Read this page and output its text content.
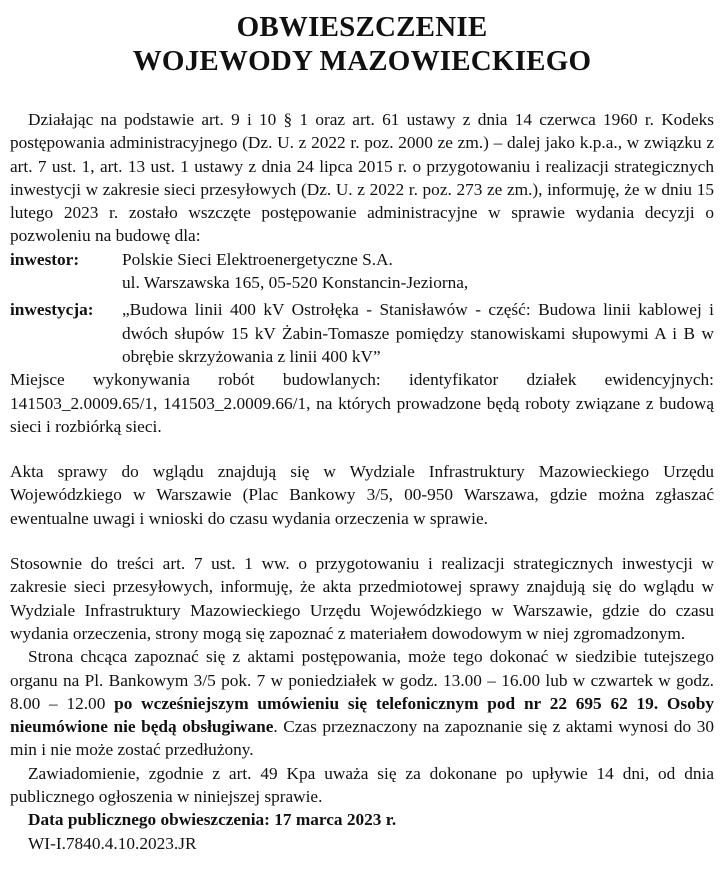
OBWIESZCZENIE
WOJEWODY MAZOWIECKIEGO

Działając na podstawie art. 9 i 10 § 1 oraz art. 61 ustawy z dnia 14 czerwca 1960 r. Kodeks postępowania administracyjnego (Dz. U. z 2022 r. poz. 2000 ze zm.) – dalej jako k.p.a., w związku z art. 7 ust. 1, art. 13 ust. 1 ustawy z dnia 24 lipca 2015 r. o przygotowaniu i realizacji strategicznych inwestycji w zakresie sieci przesyłowych (Dz. U. z 2022 r. poz. 273 ze zm.), informuję, że w dniu 15 lutego 2023 r. zostało wszczęte postępowanie administracyjne w sprawie wydania decyzji o pozwoleniu na budowę dla:

inwestor:	Polskie Sieci Elektroenergetyczne S.A.
ul. Warszawska 165, 05-520 Konstancin-Jeziorna,
inwestycja:	„Budowa linii 400 kV Ostrołęka - Stanisławów - część: Budowa linii kablowej i dwóch słupów 15 kV Żabin-Tomasze pomiędzy stanowiskami słupowymi A i B w obrębie skrzyżowania z linii 400 kV”

Miejsce wykonywania robót budowlanych: identyfikator działek ewidencyjnych: 141503_2.0009.65/1, 141503_2.0009.66/1, na których prowadzone będą roboty związane z budową sieci i rozbiórką sieci.

Akta sprawy do wglądu znajdują się w Wydziale Infrastruktury Mazowieckiego Urzędu Wojewódzkiego w Warszawie (Plac Bankowy 3/5, 00-950 Warszawa, gdzie można zgłaszać ewentualne uwagi i wnioski do czasu wydania orzeczenia w sprawie.

Stosownie do treści art. 7 ust. 1 ww. o przygotowaniu i realizacji strategicznych inwestycji w zakresie sieci przesyłowych, informuję, że akta przedmiotowej sprawy znajdują się do wglądu w Wydziale Infrastruktury Mazowieckiego Urzędu Wojewódzkiego w Warszawie, gdzie do czasu wydania orzeczenia, strony mogą się zapoznać z materiałem dowodowym w niej zgromadzonym.

Strona chcąca zapoznać się z aktami postępowania, może tego dokonać w siedzibie tutejszego organu na Pl. Bankowym 3/5 pok. 7 w poniedziałek w godz. 13.00 – 16.00 lub w czwartek w godz. 8.00 – 12.00 po wcześniejszym umówieniu się telefonicznym pod nr 22 695 62 19. Osoby nieumówione nie będą obsługiwane. Czas przeznaczony na zapoznanie się z aktami wynosi do 30 min i nie może zostać przedłużony.

Zawiadomienie, zgodnie z art. 49 Kpa uważa się za dokonane po upływie 14 dni, od dnia publicznego ogłoszenia w niniejszej sprawie.

Data publicznego obwieszczenia: 17 marca 2023 r.

WI-I.7840.4.10.2023.JR
